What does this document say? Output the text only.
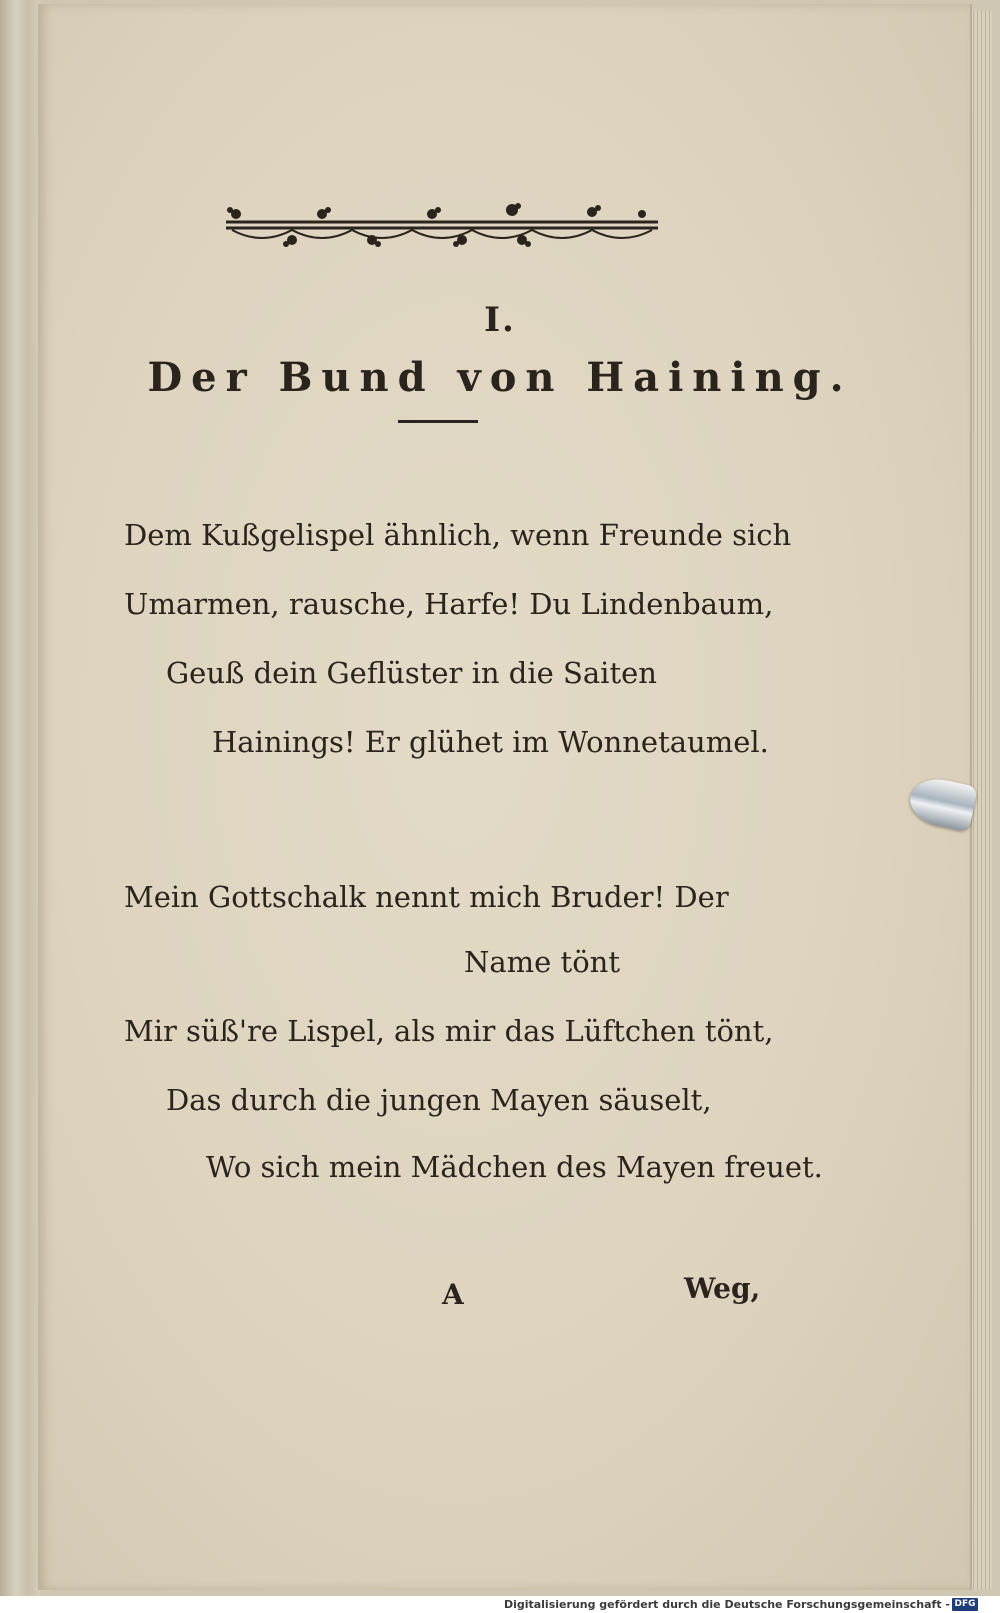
I.
Der Bund von Haining.
Dem Kußgelispel ähnlich, wenn Freunde sich
Umarmen, rausche, Harfe! Du Lindenbaum,
Geuß dein Geflüster in die Saiten
Hainings! Er glühet im Wonnetaumel.
Mein Gottschalk nennt mich Bruder! Der
Name tönt
Mir süß're Lispel, als mir das Lüftchen tönt,
Das durch die jungen Mayen säuselt,
Wo sich mein Mädchen des Mayen freuet.
A	Weg,
Digitalisierung gefördert durch die Deutsche Forschungsgemeinschaft - DFG
